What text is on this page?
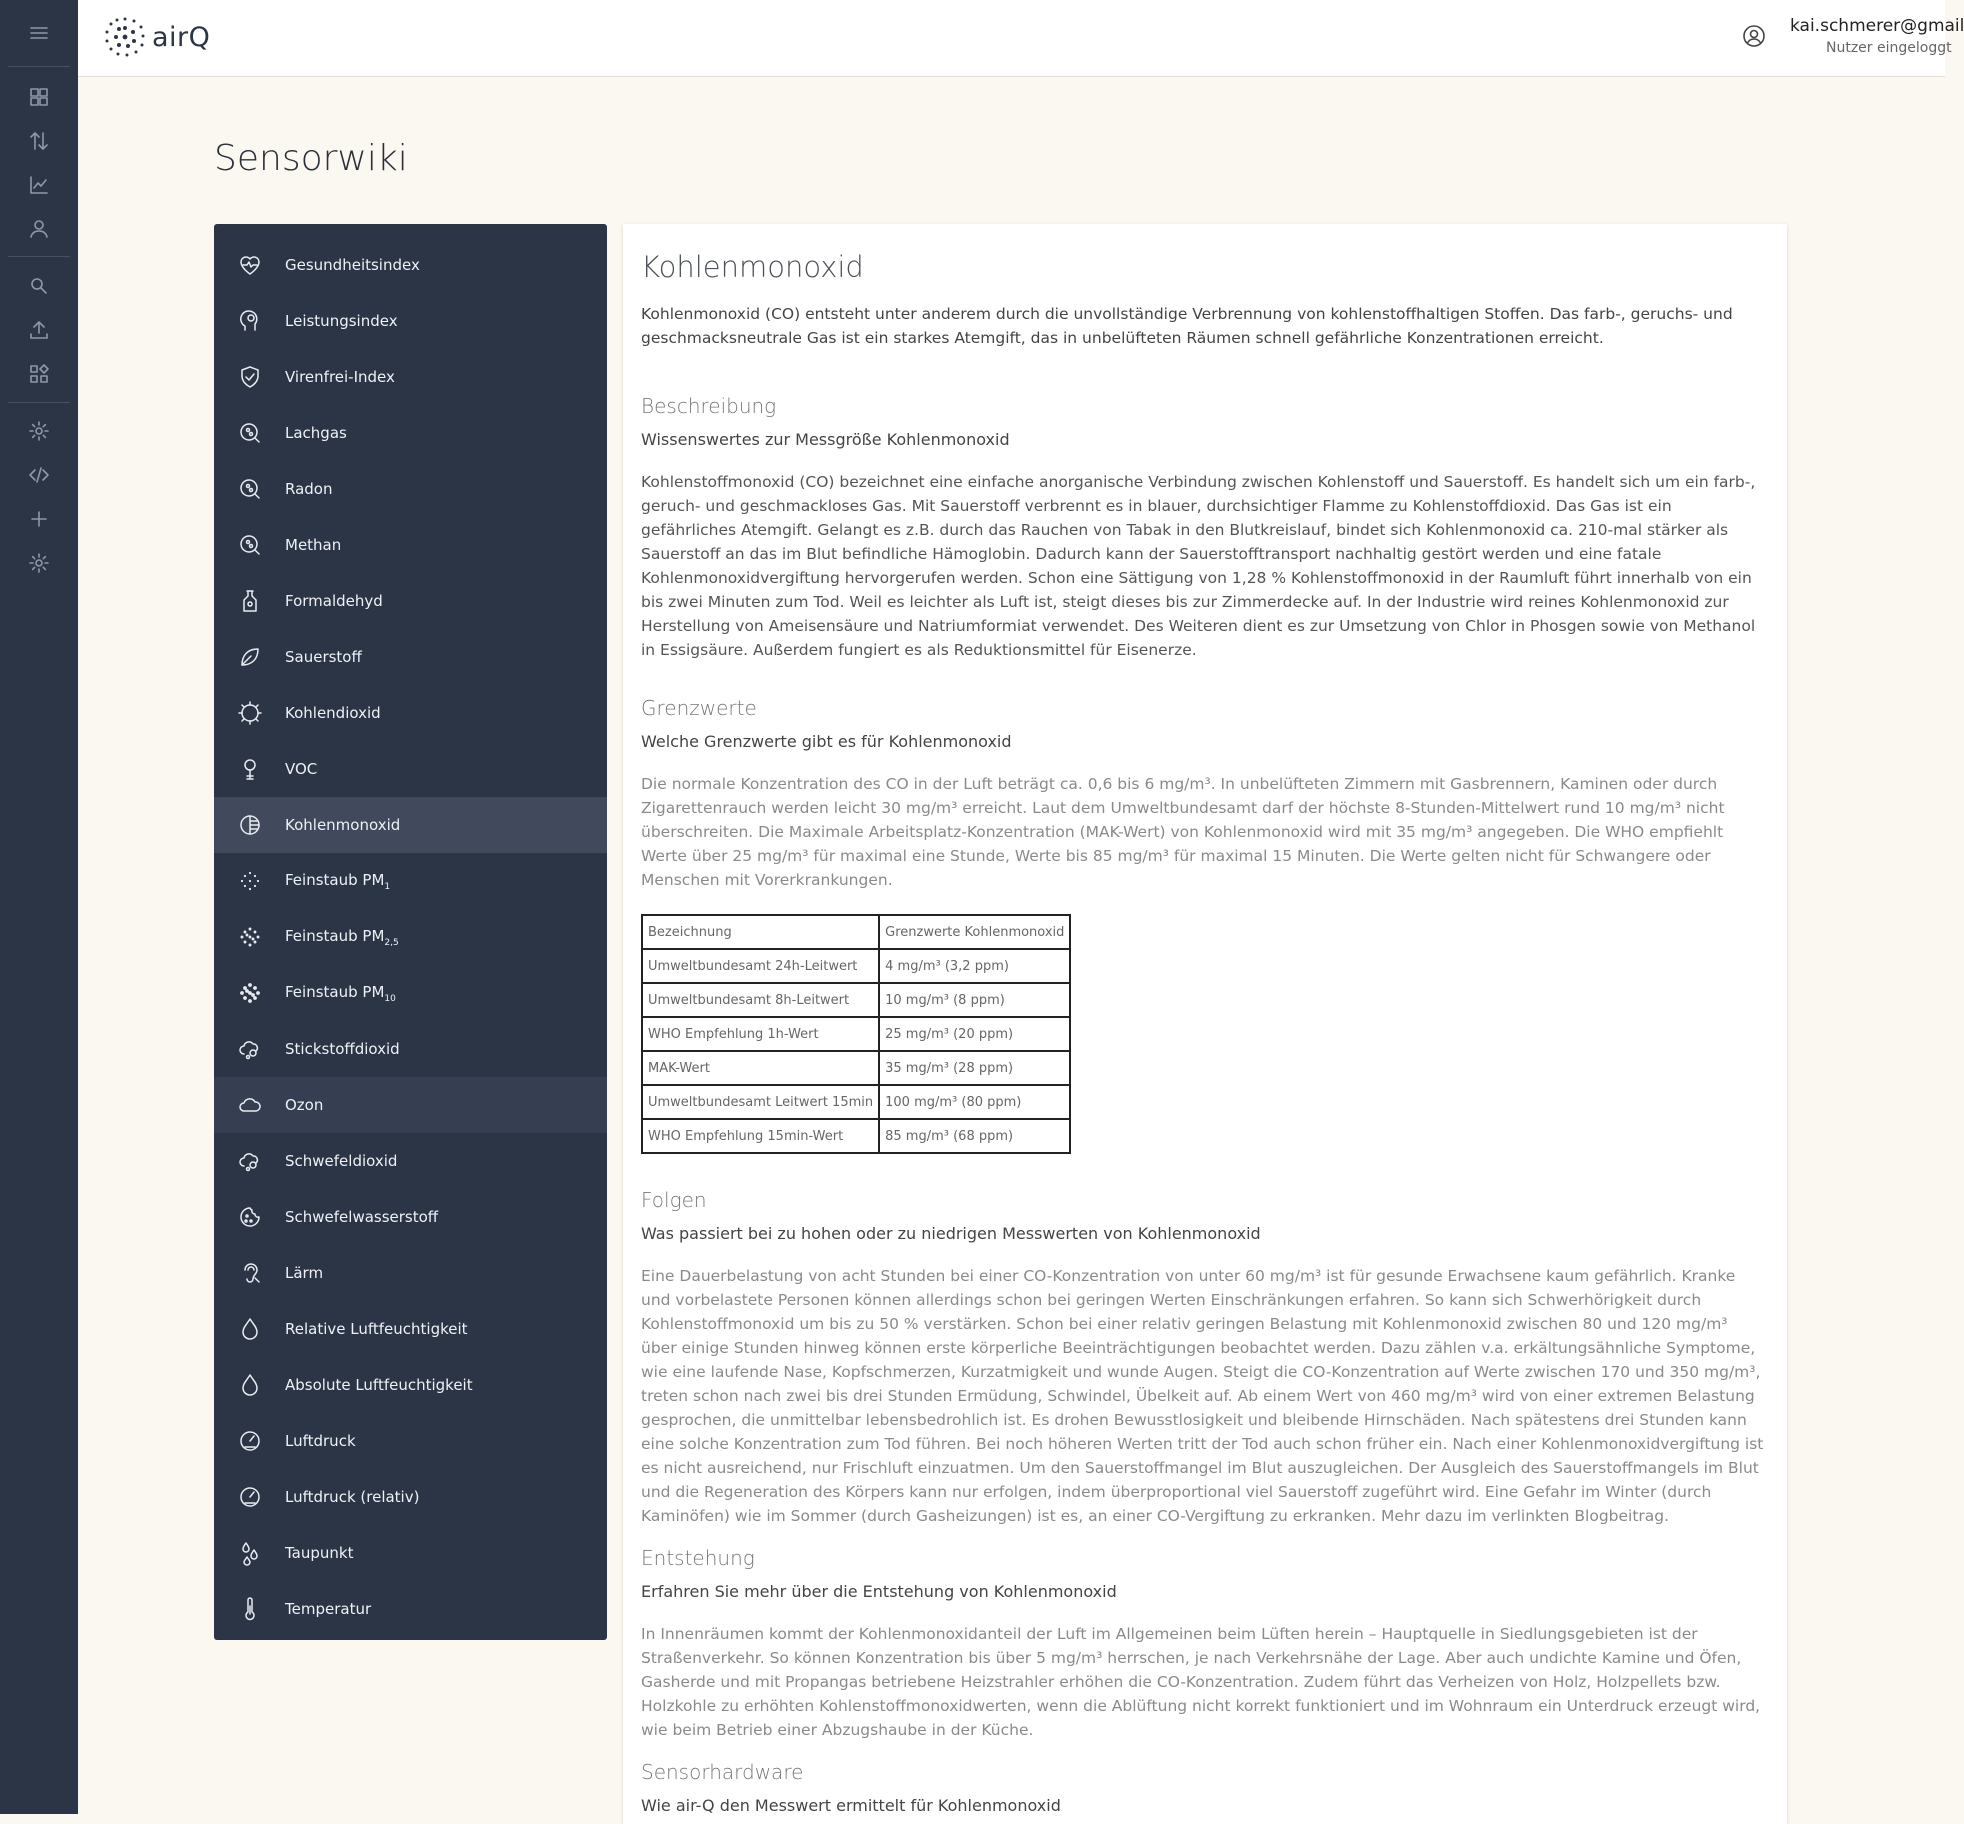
airQ	kai.schmerer@gmail
Nutzer eingeloggt
Sensorwiki
Gesundheitsindex
Leistungsindex
Virenfrei-Index
Lachgas
Radon
Methan
Formaldehyd
Sauerstoff
Kohlendioxid
VOC
Kohlenmonoxid
Feinstaub $PM_1$
Feinstaub $PM_{2,5}$
Feinstaub $PM_{10}$
Stickstoffdioxid
Ozon
Schwefeldioxid
Schwefelwasserstoff
Lärm
Relative Luftfeuchtigkeit
Absolute Luftfeuchtigkeit
Luftdruck
Luftdruck (relativ)
Taupunkt
Temperatur
Kohlenmonoxid

Kohlenmonoxid (CO) entsteht unter anderem durch die unvollständige Verbrennung von kohlenstoffhaltigen Stoffen. Das farb-, geruchs- und geschmacksneutrale Gas ist ein starkes Atemgift, das in unbelüfteten Räumen schnell gefährliche Konzentrationen erreicht.

Beschreibung

Wissenswertes zur Messgröße Kohlenmonoxid

Kohlenstoffmonoxid (CO) bezeichnet eine einfache anorganische Verbindung zwischen Kohlenstoff und Sauerstoff. Es handelt sich um ein farb-, geruch- und geschmackloses Gas. Mit Sauerstoff verbrennt es in blauer, durchsichtiger Flamme zu Kohlenstoffdioxid. Das Gas ist ein gefährliches Atemgift. Gelangt es z.B. durch das Rauchen von Tabak in den Blutkreislauf, bindet sich Kohlenmonoxid ca. 210-mal stärker als Sauerstoff an das im Blut befindliche Hämoglobin. Dadurch kann der Sauerstofftransport nachhaltig gestört werden und eine fatale Kohlenmonoxidvergiftung hervorgerufen werden. Schon eine Sättigung von 1,28 % Kohlenstoffmonoxid in der Raumluft führt innerhalb von ein bis zwei Minuten zum Tod. Weil es leichter als Luft ist, steigt dieses bis zur Zimmerdecke auf. In der Industrie wird reines Kohlenmonoxid zur Herstellung von Ameisensäure und Natriumformiat verwendet. Des Weiteren dient es zur Umsetzung von Chlor in Phosgen sowie von Methanol in Essigsäure. Außerdem fungiert es als Reduktionsmittel für Eisenerze.

Grenzwerte

Welche Grenzwerte gibt es für Kohlenmonoxid

Die normale Konzentration des CO in der Luft beträgt ca. 0,6 bis 6 mg/m³. In unbelüfteten Zimmern mit Gasbrennern, Kaminen oder durch Zigarettenrauch werden leicht 30 mg/m³ erreicht. Laut dem Umweltbundesamt darf der höchste 8-Stunden-Mittelwert rund 10 mg/m³ nicht überschreiten. Die Maximale Arbeitsplatz-Konzentration (MAK-Wert) von Kohlenmonoxid wird mit 35 mg/m³ angegeben. Die WHO empfiehlt Werte über 25 mg/m³ für maximal eine Stunde, Werte bis 85 mg/m³ für maximal 15 Minuten. Die Werte gelten nicht für Schwangere oder Menschen mit Vorerkrankungen.

Bezeichnung	Grenzwerte Kohlenmonoxid
Umweltbundesamt 24h-Leitwert	4 mg/m³ (3,2 ppm)
Umweltbundesamt 8h-Leitwert	10 mg/m³ (8 ppm)
WHO Empfehlung 1h-Wert	25 mg/m³ (20 ppm)
MAK-Wert	35 mg/m³ (28 ppm)
Umweltbundesamt Leitwert 15min	100 mg/m³ (80 ppm)
WHO Empfehlung 15min-Wert	85 mg/m³ (68 ppm)
Folgen

Was passiert bei zu hohen oder zu niedrigen Messwerten von Kohlenmonoxid

Eine Dauerbelastung von acht Stunden bei einer CO-Konzentration von unter 60 mg/m³ ist für gesunde Erwachsene kaum gefährlich. Kranke und vorbelastete Personen können allerdings schon bei geringen Werten Einschränkungen erfahren. So kann sich Schwerhörigkeit durch Kohlenstoffmonoxid um bis zu 50 % verstärken. Schon bei einer relativ geringen Belastung mit Kohlenmonoxid zwischen 80 und 120 mg/m³ über einige Stunden hinweg können erste körperliche Beeinträchtigungen beobachtet werden. Dazu zählen v.a. erkältungsähnliche Symptome, wie eine laufende Nase, Kopfschmerzen, Kurzatmigkeit und wunde Augen. Steigt die CO-Konzentration auf Werte zwischen 170 und 350 mg/m³, treten schon nach zwei bis drei Stunden Ermüdung, Schwindel, Übelkeit auf. Ab einem Wert von 460 mg/m³ wird von einer extremen Belastung gesprochen, die unmittelbar lebensbedrohlich ist. Es drohen Bewusstlosigkeit und bleibende Hirnschäden. Nach spätestens drei Stunden kann eine solche Konzentration zum Tod führen. Bei noch höheren Werten tritt der Tod auch schon früher ein. Nach einer Kohlenmonoxidvergiftung ist es nicht ausreichend, nur Frischluft einzuatmen. Um den Sauerstoffmangel im Blut auszugleichen. Der Ausgleich des Sauerstoffmangels im Blut und die Regeneration des Körpers kann nur erfolgen, indem überproportional viel Sauerstoff zugeführt wird. Eine Gefahr im Winter (durch Kaminöfen) wie im Sommer (durch Gasheizungen) ist es, an einer CO-Vergiftung zu erkranken. Mehr dazu im verlinkten Blogbeitrag.

Entstehung

Erfahren Sie mehr über die Entstehung von Kohlenmonoxid

In Innenräumen kommt der Kohlenmonoxidanteil der Luft im Allgemeinen beim Lüften herein – Hauptquelle in Siedlungsgebieten ist der Straßenverkehr. So können Konzentration bis über 5 mg/m³ herrschen, je nach Verkehrsnähe der Lage. Aber auch undichte Kamine und Öfen, Gasherde und mit Propangas betriebene Heizstrahler erhöhen die CO-Konzentration. Zudem führt das Verheizen von Holz, Holzpellets bzw. Holzkohle zu erhöhten Kohlenstoffmonoxidwerten, wenn die Ablüftung nicht korrekt funktioniert und im Wohnraum ein Unterdruck erzeugt wird, wie beim Betrieb einer Abzugshaube in der Küche.

Sensorhardware

Wie air-Q den Messwert ermittelt für Kohlenmonoxid
